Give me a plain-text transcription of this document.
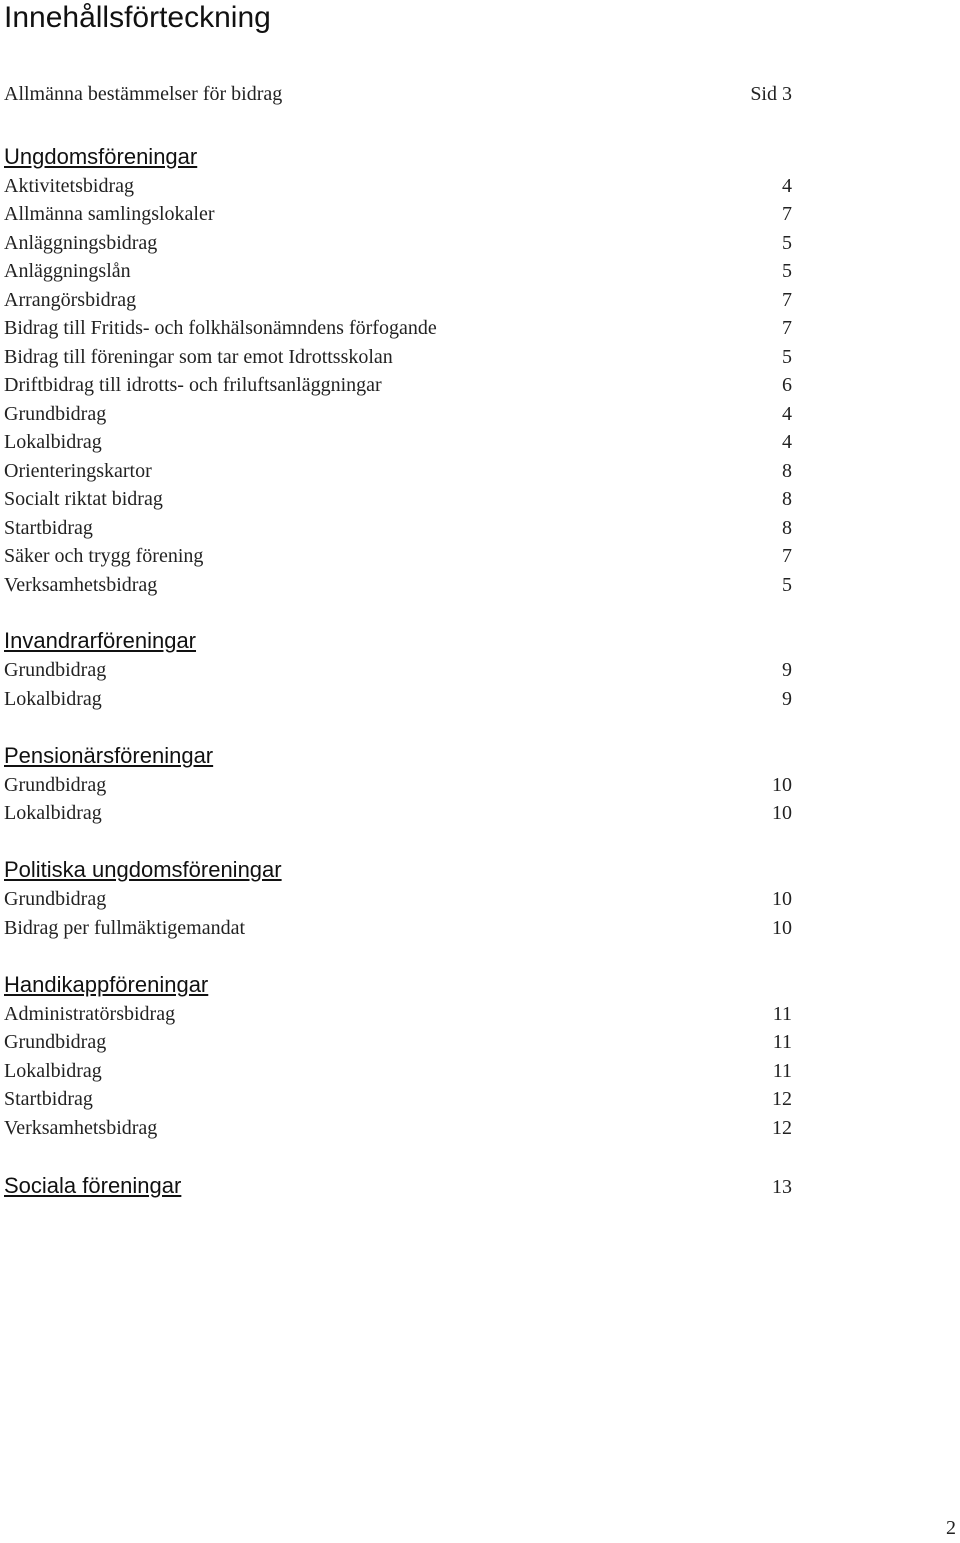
Innehållsförteckning
Allmänna bestämmelser för bidrag	Sid 3
Ungdomsföreningar
Aktivitetsbidrag	4
Allmänna samlingslokaler	7
Anläggningsbidrag	5
Anläggningslån	5
Arrangörsbidrag	7
Bidrag till Fritids- och folkhälsonämndens förfogande	7
Bidrag till föreningar som tar emot Idrottsskolan	5
Driftbidrag till idrotts- och friluftsanläggningar	6
Grundbidrag	4
Lokalbidrag	4
Orienteringskartor	8
Socialt riktat bidrag	8
Startbidrag	8
Säker och trygg förening	7
Verksamhetsbidrag	5
Invandrarföreningar
Grundbidrag	9
Lokalbidrag	9
Pensionärsföreningar
Grundbidrag	10
Lokalbidrag	10
Politiska ungdomsföreningar
Grundbidrag	10
Bidrag per fullmäktigemandat	10
Handikappföreningar
Administratörsbidrag	11
Grundbidrag	11
Lokalbidrag	11
Startbidrag	12
Verksamhetsbidrag	12
Sociala föreningar	13
2
